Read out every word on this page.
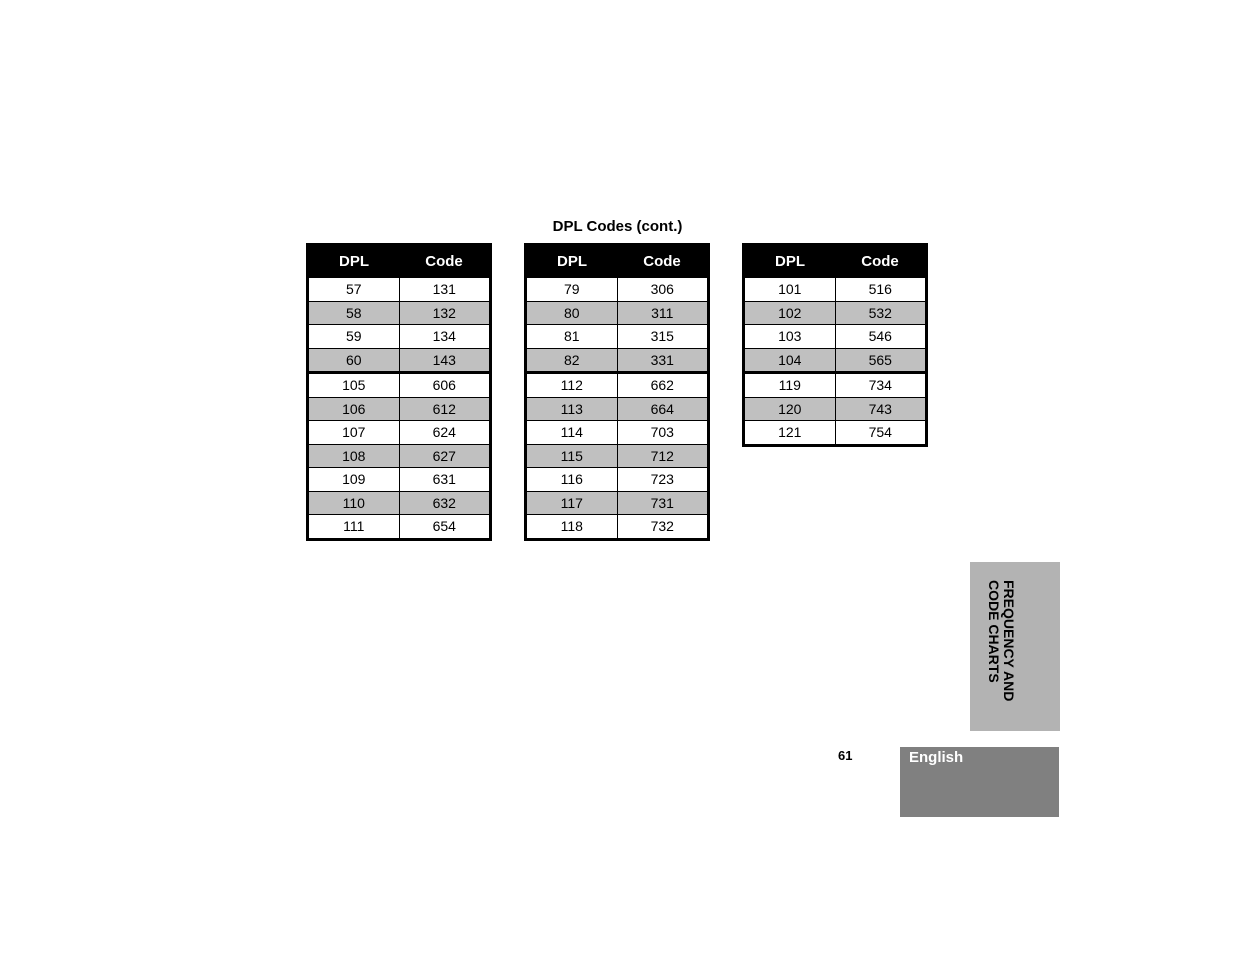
DPL Codes (cont.)
DPL	Code
57	131
58	132
59	134
60	143
105	606
106	612
107	624
108	627
109	631
110	632
111	654
DPL	Code
79	306
80	311
81	315
82	331
112	662
113	664
114	703
115	712
116	723
117	731
118	732
DPL	Code
101	516
102	532
103	546
104	565
119	734
120	743
121	754
FREQUENCY AND
CODE CHARTS
61	English
